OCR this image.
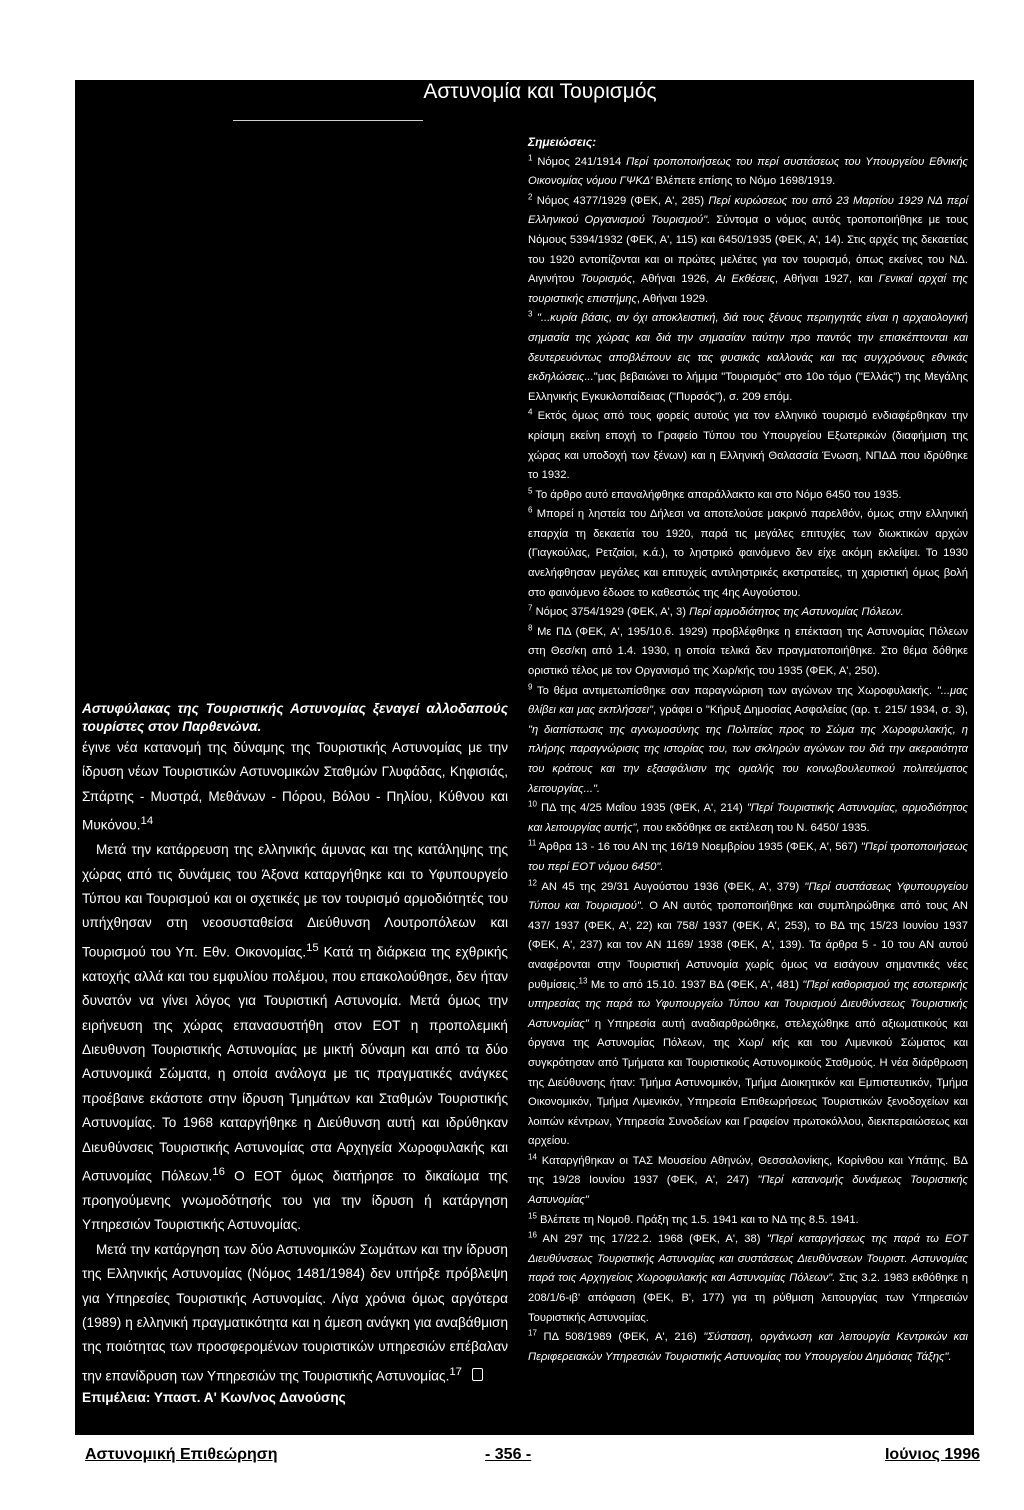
Αστυνομία και Τουρισμός

Αστυφύλακας της Τουριστικής Αστυνομίας ξεναγεί αλλοδαπούς τουρίστες στον Παρθενώνα.

έγινε νέα κατανομή της δύναμης της Τουριστικής Αστυνομίας με την ίδρυση νέων Τουριστικών Αστυνομικών Σταθμών Γλυφάδας, Κηφισιάς, Σπάρτης - Μυστρά, Μεθάνων - Πόρου, Βόλου - Πηλίου, Κύθνου και Μυκόνου.$^{14}$

Μετά την κατάρρευση της ελληνικής άμυνας και της κατάληψης της χώρας από τις δυνάμεις του Άξονα καταργήθηκε και το Υφυπουργείο Τύπου και Τουρισμού και οι σχετικές με τον τουρισμό αρμοδιότητές του υπήχθησαν στη νεοσυσταθείσα Διεύθυνση Λουτροπόλεων και Τουρισμού του Υπ. Εθν. Οικονομίας.$^{15}$ Κατά τη διάρκεια της εχθρικής κατοχής αλλά και του εμφυλίου πολέμου, που επακολούθησε, δεν ήταν δυνατόν να γίνει λόγος για Τουριστική Αστυνομία. Μετά όμως την ειρήνευση της χώρας επανασυστήθη στον ΕΟΤ η προπολεμική Διευθυνση Τουριστικής Αστυνομίας με μικτή δύναμη και από τα δύο Αστυνομικά Σώματα, η οποία ανάλογα με τις πραγματικές ανάγκες προέβαινε εκάστοτε στην ίδρυση Τμημάτων και Σταθμών Τουριστικής Αστυνομίας. Το 1968 καταργήθηκε η Διεύθυνση αυτή και ιδρύθηκαν Διευθύνσεις Τουριστικής Αστυνομίας στα Αρχηγεία Χωροφυλακής και Αστυνομίας Πόλεων.$^{16}$ Ο ΕΟΤ όμως διατήρησε το δικαίωμα της προηγούμενης γνωμοδότησής του για την ίδρυση ή κατάργηση Υπηρεσιών Τουριστικής Αστυνομίας.

Μετά την κατάργηση των δύο Αστυνομικών Σωμάτων και την ίδρυση της Ελληνικής Αστυνομίας (Νόμος 1481/1984) δεν υπήρξε πρόβλεψη για Υπηρεσίες Τουριστικής Αστυνομίας. Λίγα χρόνια όμως αργότερα (1989) η ελληνική πραγματικότητα και η άμεση ανάγκη για αναβάθμιση της ποιότητας των προσφερομένων τουριστικών υπηρεσιών επέβαλαν την επανίδρυση των Υπηρεσιών της Τουριστικής Αστυνομίας.$^{17}$

Επιμέλεια: Υπαστ. Α' Κων/νος Δανούσης

Σημειώσεις:

$^1$ Νόμος 241/1914 Περί τροποποιήσεως του περί συστάσεως του Υπουργείου Εθνικής Οικονομίας νόμου ΓΨΚΔ' Βλέπετε επίσης το Νόμο 1698/1919.

$^2$ Νόμος 4377/1929 (ΦΕΚ, Α', 285) Περί κυρώσεως του από 23 Μαρτίου 1929 ΝΔ περί Ελληνικού Οργανισμού Τουρισμού". Σύντομα ο νόμος αυτός τροποποιήθηκε με τους Νόμους 5394/1932 (ΦΕΚ, Α', 115) και 6450/1935 (ΦΕΚ, Α', 14). Στις αρχές της δεκαετίας του 1920 εντοπίζονται και οι πρώτες μελέτες για τον τουρισμό, όπως εκείνες του ΝΔ. Αιγινήτου Τουρισμός, Αθήναι 1926, Αι Εκθέσεις, Αθήναι 1927, και Γενικαί αρχαί της τουριστικής επιστήμης, Αθήναι 1929.

$^3$ "...κυρία βάσις, αν όχι αποκλειστική, διά τους ξένους περιηγητάς είναι η αρχαιολογική σημασία της χώρας και διά την σημασίαν ταύτην προ παντός την επισκέπτονται και δευτερευόντως αποβλέπουν εις τας φυσικάς καλλονάς και τας συγχρόνους εθνικάς εκδηλώσεις..."μας βεβαιώνει το λήμμα "Τουρισμός" στο 10ο τόμο ("Ελλάς") της Μεγάλης Ελληνικής Εγκυκλοπαίδειας ("Πυρσός"), σ. 209 επόμ.

$^4$ Εκτός όμως από τους φορείς αυτούς για τον ελληνικό τουρισμό ενδιαφέρθηκαν την κρίσιμη εκείνη εποχή το Γραφείο Τύπου του Υπουργείου Εξωτερικών (διαφήμιση της χώρας και υποδοχή των ξένων) και η Ελληνική Θαλασσία Ένωση, ΝΠΔΔ που ιδρύθηκε το 1932.

$^5$ Το άρθρο αυτό επαναλήφθηκε απαράλλακτο και στο Νόμο 6450 του 1935.

$^6$ Μπορεί η ληστεία του Δήλεσι να αποτελούσε μακρινό παρελθόν, όμως στην ελληνική επαρχία τη δεκαετία του 1920, παρά τις μεγάλες επιτυχίες των διωκτικών αρχών (Γιαγκούλας, Ρετζαίοι, κ.ά.), το ληστρικό φαινόμενο δεν είχε ακόμη εκλείψει. Το 1930 ανελήφθησαν μεγάλες και επιτυχείς αντιληστρικές εκστρατείες, τη χαριστική όμως βολή στο φαινόμενο έδωσε το καθεστώς της 4ης Αυγούστου.

$^7$ Νόμος 3754/1929 (ΦΕΚ, Α', 3) Περί αρμοδιότητος της Αστυνομίας Πόλεων.

$^8$ Με ΠΔ (ΦΕΚ, Α', 195/10.6. 1929) προβλέφθηκε η επέκταση της Αστυνομίας Πόλεων στη Θεσ/κη από 1.4. 1930, η οποία τελικά δεν πραγματοποιήθηκε. Στο θέμα δόθηκε οριστικό τέλος με τον Οργανισμό της Χωρ/κής του 1935 (ΦΕΚ, Α', 250).

$^9$ Το θέμα αντιμετωπίσθηκε σαν παραγνώριση των αγώνων της Χωροφυλακής. "...μας θλίβει και μας εκπλήσσει", γράφει ο "Κήρυξ Δημοσίας Ασφαλείας (αρ. τ. 215/ 1934, σ. 3), "η διαπίστωσις της αγνωμοσύνης της Πολιτείας προς το Σώμα της Χωροφυλακής, η πλήρης παραγνώρισις της ιστορίας του, των σκληρών αγώνων του διά την ακεραιότητα του κράτους και την εξασφάλισιν της ομαλής του κοινωβουλευτικού πολιτεύματος λειτουργίας...".

$^{10}$ ΠΔ της 4/25 Μαΐου 1935 (ΦΕΚ, Α', 214) "Περί Τουριστικής Αστυνομίας, αρμοδιότητος και λειτουργίας αυτής", που εκδόθηκε σε εκτέλεση του Ν. 6450/ 1935.

$^{11}$ Άρθρα 13 - 16 του ΑΝ της 16/19 Νοεμβρίου 1935 (ΦΕΚ, Α', 567) "Περί τροποποιήσεως του περί ΕΟΤ νόμου 6450".

$^{12}$ ΑΝ 45 της 29/31 Αυγούστου 1936 (ΦΕΚ, Α', 379) "Περί συστάσεως Υφυπουργείου Τύπου και Τουρισμού". Ο ΑΝ αυτός τροποποιήθηκε και συμπληρώθηκε από τους ΑΝ 437/ 1937 (ΦΕΚ, Α', 22) και 758/ 1937 (ΦΕΚ, Α', 253), το ΒΔ της 15/23 Ιουνίου 1937 (ΦΕΚ, Α', 237) και τον ΑΝ 1169/ 1938 (ΦΕΚ, Α', 139). Τα άρθρα 5 - 10 του ΑΝ αυτού αναφέρονται στην Τουριστική Αστυνομία χωρίς όμως να εισάγουν σημαντικές νέες ρυθμίσεις.$^{13}$ Με το από 15.10. 1937 ΒΔ (ΦΕΚ, Α', 481) "Περί καθορισμού της εσωτερικής υπηρεσίας της παρά τω Υφυπουργείω Τύπου και Τουρισμού Διευθύνσεως Τουριστικής Αστυνομίας" η Υπηρεσία αυτή αναδιαρθρώθηκε, στελεχώθηκε από αξιωματικούς και όργανα της Αστυνομίας Πόλεων, της Χωρ/ κής και του Λιμενικού Σώματος και συγκρότησαν από Τμήματα και Τουριστικούς Αστυνομικούς Σταθμούς. Η νέα διάρθρωση της Διεύθυνσης ήταν: Τμήμα Αστυνομικόν, Τμήμα Διοικητικόν και Εμπιστευτικόν, Τμήμα Οικονομικόν, Τμήμα Λιμενικόν, Υπηρεσία Επιθεωρήσεως Τουριστικών ξενοδοχείων και λοιπών κέντρων, Υπηρεσία Συνοδείων και Γραφείον πρωτοκόλλου, διεκπεραιώσεως και αρχείου.

$^{14}$ Καταργήθηκαν οι ΤΑΣ Μουσείου Αθηνών, Θεσσαλονίκης, Κορίνθου και Υπάτης. ΒΔ της 19/28 Ιουνίου 1937 (ΦΕΚ, Α', 247) "Περί κατανομής δυνάμεως Τουριστικής Αστυνομίας"

$^{15}$ Βλέπετε τη Νομοθ. Πράξη της 1.5. 1941 και το ΝΔ της 8.5. 1941.

$^{16}$ ΑΝ 297 της 17/22.2. 1968 (ΦΕΚ, Α', 38) "Περί καταργήσεως της παρά τω ΕΟΤ Διευθύνσεως Τουριστικής Αστυνομίας και συστάσεως Διευθύνσεων Τουριστ. Αστυνομίας παρά τοις Αρχηγείοις Χωροφυλακής και Αστυνομίας Πόλεων". Στις 3.2. 1983 εκθόθηκε η 208/1/6-ιβ' απόφαση (ΦΕΚ, Β', 177) για τη ρύθμιση λειτουργίας των Υπηρεσιών Τουριστικής Αστυνομίας.

$^{17}$ ΠΔ 508/1989 (ΦΕΚ, Α', 216) "Σύσταση, οργάνωση και λειτουργία Κεντρικών και Περιφερειακών Υπηρεσιών Τουριστικής Αστυνομίας του Υπουργείου Δημόσιας Τάξης".

Αστυνομική Επιθεώρηση	- 356 -	Ιούνιος 1996
